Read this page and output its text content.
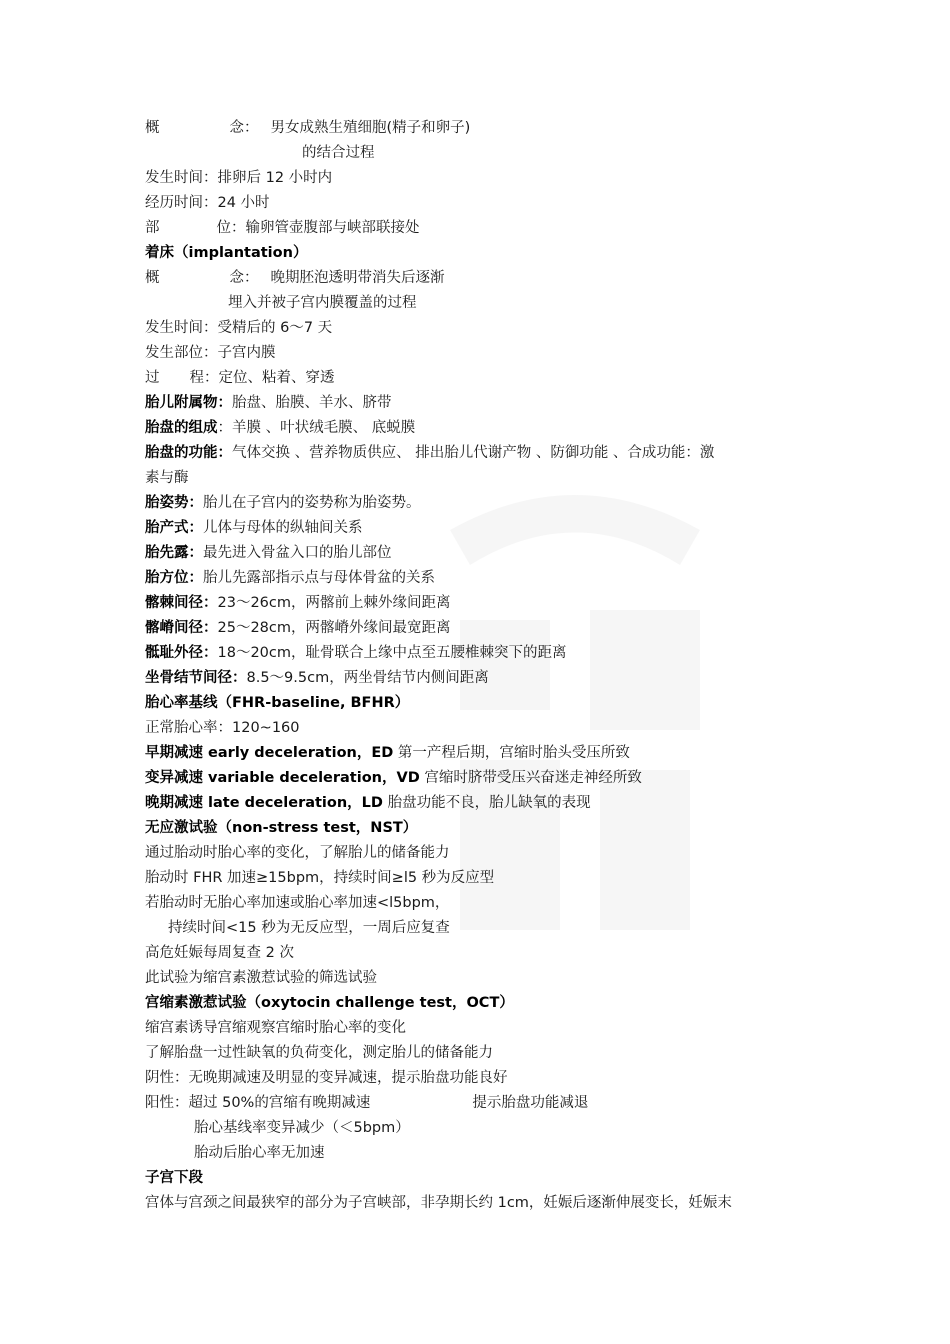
概	念： 男女成熟生殖细胞(精子和卵子)
的结合过程
发生时间：排卵后 12 小时内
经历时间：24 小时
部	位：输卵管壶腹部与峡部联接处
着床（implantation）
概	念： 晚期胚泡透明带消失后逐渐
埋入并被子宫内膜覆盖的过程
发生时间：受精后的 6～7 天
发生部位：子宫内膜
过 程：定位、粘着、穿透
胎儿附属物：胎盘、胎膜、羊水、脐带
胎盘的组成：羊膜 、叶状绒毛膜、 底蜕膜
胎盘的功能：气体交换 、营养物质供应、 排出胎儿代谢产物 、防御功能 、合成功能：激
素与酶
胎姿势：胎儿在子宫内的姿势称为胎姿势。
胎产式：儿体与母体的纵轴间关系
胎先露：最先进入骨盆入口的胎儿部位
胎方位：胎儿先露部指示点与母体骨盆的关系
髂棘间径：23～26cm，两髂前上棘外缘间距离
髂嵴间径：25～28cm，两髂嵴外缘间最宽距离
骶耻外径：18～20cm，耻骨联合上缘中点至五腰椎棘突下的距离
坐骨结节间径：8.5～9.5cm，两坐骨结节内侧间距离
胎心率基线（FHR-baseline, BFHR）
正常胎心率：120~160
早期减速 early deceleration，ED 第一产程后期，宫缩时胎头受压所致
变异减速 variable deceleration，VD 宫缩时脐带受压兴奋迷走神经所致
晚期减速 late deceleration，LD 胎盘功能不良，胎儿缺氧的表现
无应激试验（non-stress test，NST）
通过胎动时胎心率的变化，了解胎儿的储备能力
胎动时 FHR 加速≥15bpm，持续时间≥l5 秒为反应型
若胎动时无胎心率加速或胎心率加速<l5bpm，
持续时间<15 秒为无反应型，一周后应复查
高危妊娠每周复查 2 次
此试验为缩宫素激惹试验的筛选试验
宫缩素激惹试验（oxytocin challenge test，OCT）
缩宫素诱导宫缩观察宫缩时胎心率的变化
了解胎盘一过性缺氧的负荷变化，测定胎儿的储备能力
阴性：无晚期减速及明显的变异减速，提示胎盘功能良好
阳性：超过 50%的宫缩有晚期减速	提示胎盘功能减退
胎心基线率变异减少（＜5bpm）
胎动后胎心率无加速
子宫下段
宫体与宫颈之间最狭窄的部分为子宫峡部，非孕期长约 1cm，妊娠后逐渐伸展变长，妊娠末
